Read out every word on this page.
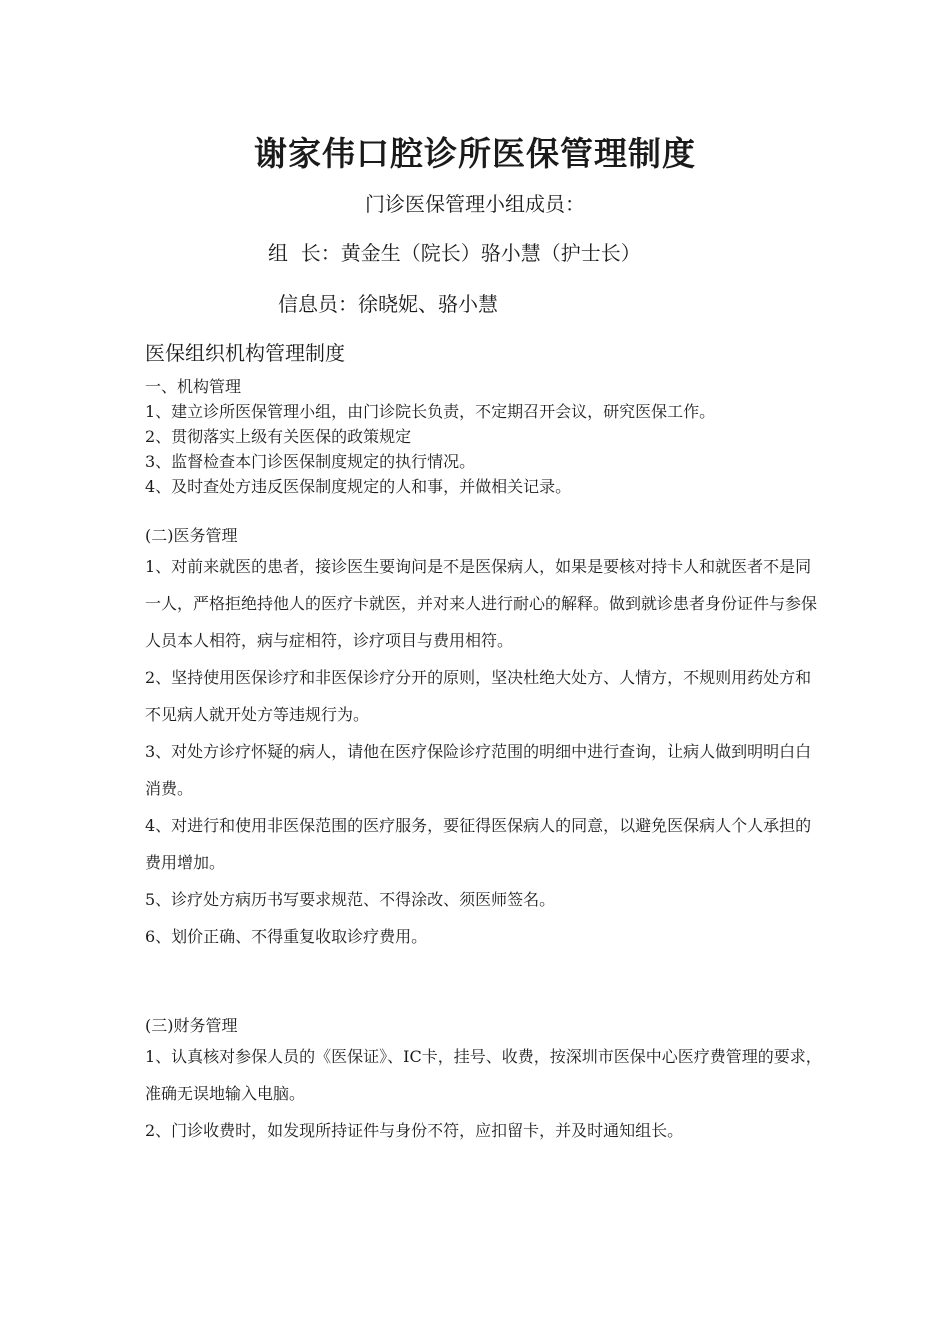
谢家伟口腔诊所医保管理制度
门诊医保管理小组成员：
组  长：黄金生（院长）骆小慧（护士长）
信息员：徐晓妮、骆小慧
医保组织机构管理制度
一、机构管理
1、建立诊所医保管理小组，由门诊院长负责，不定期召开会议，研究医保工作。
2、贯彻落实上级有关医保的政策规定
3、监督检查本门诊医保制度规定的执行情况。
4、及时查处方违反医保制度规定的人和事，并做相关记录。
(二)医务管理
1、对前来就医的患者，接诊医生要询问是不是医保病人，如果是要核对持卡人和就医者不是同一人，严格拒绝持他人的医疗卡就医，并对来人进行耐心的解释。做到就诊患者身份证件与参保人员本人相符，病与症相符，诊疗项目与费用相符。
2、坚持使用医保诊疗和非医保诊疗分开的原则，坚决杜绝大处方、人情方，不规则用药处方和不见病人就开处方等违规行为。
3、对处方诊疗怀疑的病人，请他在医疗保险诊疗范围的明细中进行查询，让病人做到明明白白消费。
4、对进行和使用非医保范围的医疗服务，要征得医保病人的同意，以避免医保病人个人承担的费用增加。
5、诊疗处方病历书写要求规范、不得涂改、须医师签名。
6、划价正确、不得重复收取诊疗费用。
(三)财务管理
1、认真核对参保人员的《医保证》、IC卡，挂号、收费，按深圳市医保中心医疗费管理的要求，准确无误地输入电脑。
2、门诊收费时，如发现所持证件与身份不符，应扣留卡，并及时通知组长。
